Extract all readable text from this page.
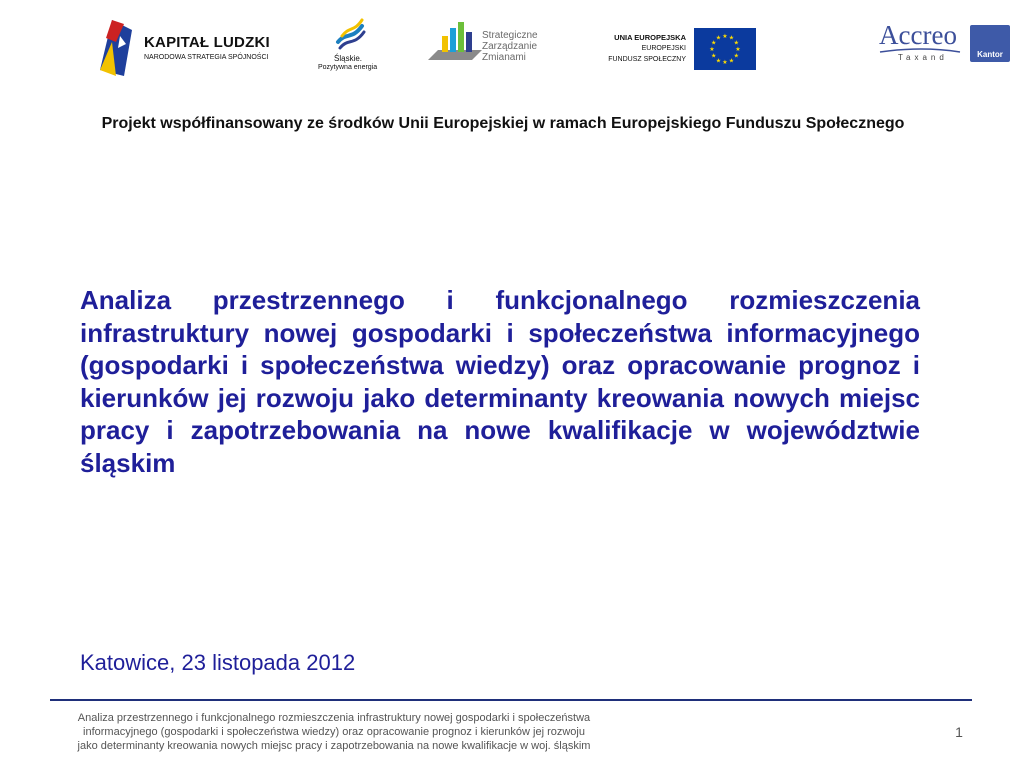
KAPITAŁ LUDZKI
NARODOWA STRATEGIA SPÓJNOŚCI	Śląskie.
Pozytywna energia
Strategiczne
Zarządzanie
Zmianami
UNIA EUROPEJSKA
EUROPEJSKI
FUNDUSZ SPOŁECZNY
★ ★
★
★
★
★
★
★
★
★
★
★	Accreo
Taxand	Kantor
Projekt współfinansowany ze środków Unii Europejskiej w ramach Europejskiego Funduszu Społecznego

Analiza przestrzennego i funkcjonalnego rozmieszczenia infrastruktury nowej gospodarki i społeczeństwa informacyjnego (gospodarki i społeczeństwa wiedzy) oraz opracowanie prognoz i kierunków jej rozwoju jako determinanty kreowania nowych miejsc pracy i zapotrzebowania na nowe kwalifikacje w województwie śląskim

Katowice, 23 listopada 2012

Analiza przestrzennego i funkcjonalnego rozmieszczenia infrastruktury nowej gospodarki i społeczeństwa
informacyjnego (gospodarki i społeczeństwa wiedzy) oraz opracowanie prognoz i kierunków jej rozwoju
jako determinanty kreowania nowych miejsc pracy i zapotrzebowania na nowe kwalifikacje w woj. śląskim
1
